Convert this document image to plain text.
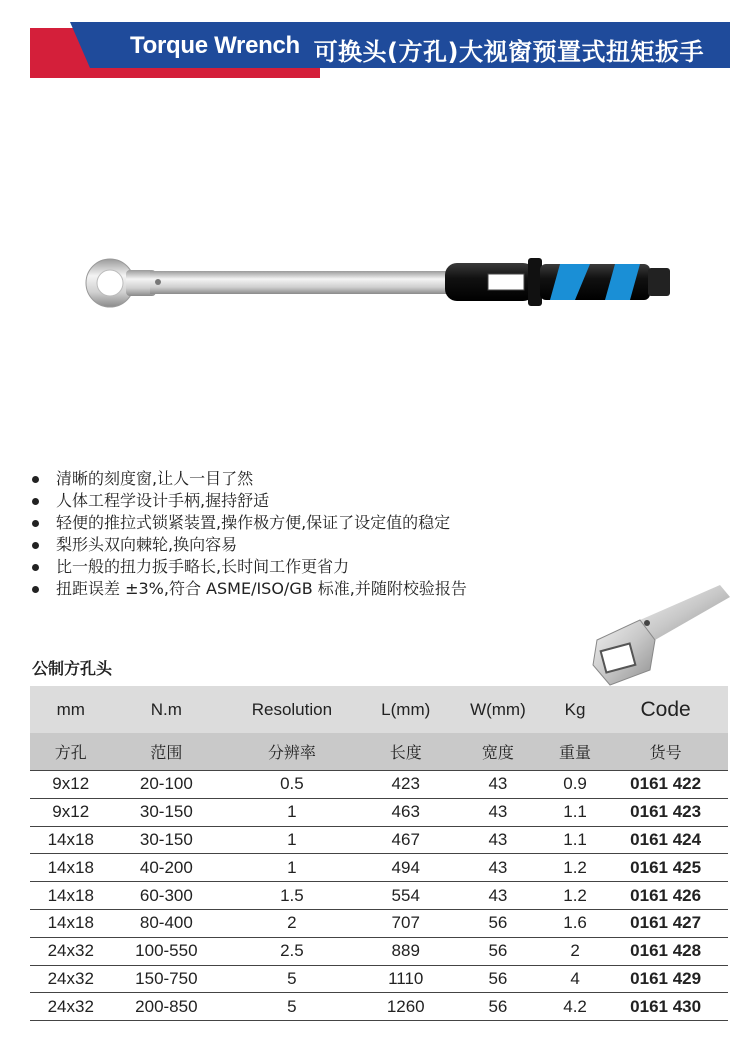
Torque Wrench 可换头(方孔)大视窗预置式扭矩扳手
清晰的刻度窗,让人一目了然
人体工程学设计手柄,握持舒适
轻便的推拉式锁紧装置,操作极方便,保证了设定值的稳定
梨形头双向棘轮,换向容易
比一般的扭力扳手略长,长时间工作更省力
扭距误差 ±3%,符合 ASME/ISO/GB 标准,并随附校验报告
公制方孔头
mm	N.m	Resolution	L(mm)	W(mm)	Kg	Code
方孔	范围	分辨率	长度	宽度	重量	货号
9x12	20-100	0.5	423	43	0.9	0161 422
9x12	30-150	1	463	43	1.1	0161 423
14x18	30-150	1	467	43	1.1	0161 424
14x18	40-200	1	494	43	1.2	0161 425
14x18	60-300	1.5	554	43	1.2	0161 426
14x18	80-400	2	707	56	1.6	0161 427
24x32	100-550	2.5	889	56	2	0161 428
24x32	150-750	5	1110	56	4	0161 429
24x32	200-850	5	1260	56	4.2	0161 430
